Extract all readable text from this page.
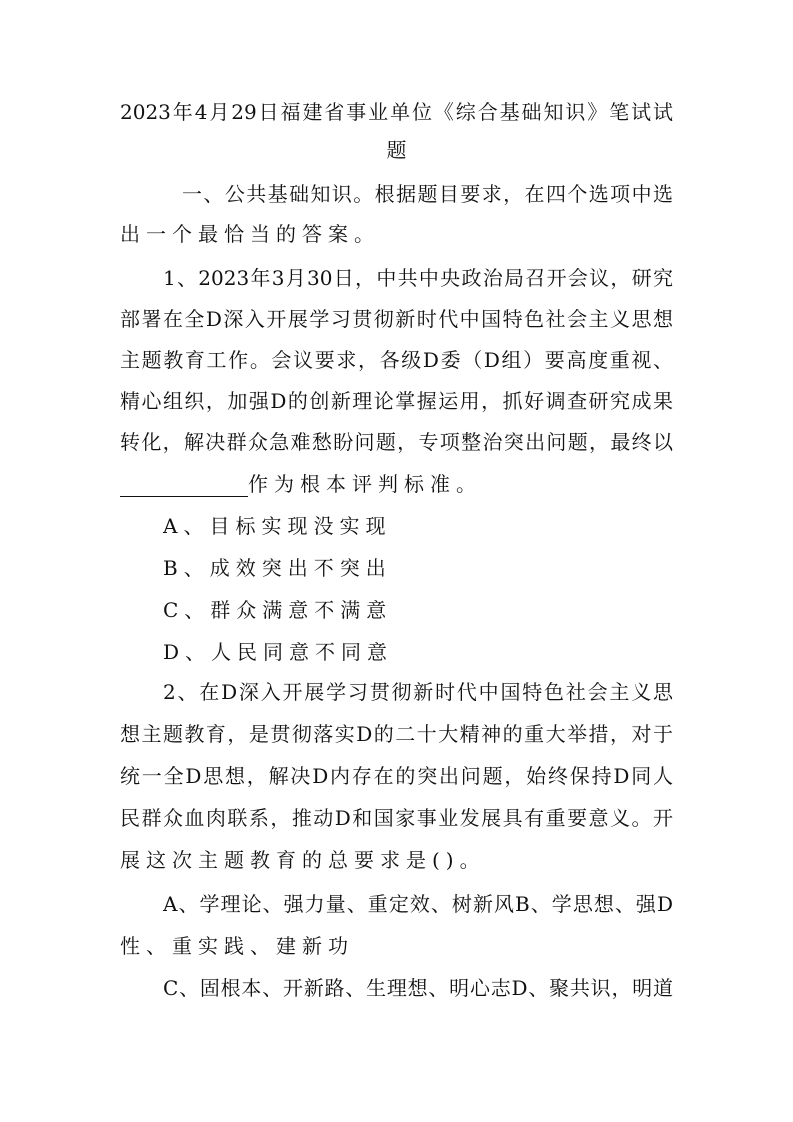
2023年4月29日福建省事业单位《综合基础知识》笔试试
题
一、公共基础知识。根据题目要求，在四个选项中选
出一个最恰当的答案。
1、2023年3月30日，中共中央政治局召开会议，研究
部署在全D深入开展学习贯彻新时代中国特色社会主义思想
主题教育工作。会议要求，各级D委（D组）要高度重视、
精心组织，加强D的创新理论掌握运用，抓好调查研究成果
转化，解决群众急难愁盼问题，专项整治突出问题，最终以
作为根本评判标准。
A、目标实现没实现
B、成效突出不突出
C、群众满意不满意
D、人民同意不同意
2、在D深入开展学习贯彻新时代中国特色社会主义思
想主题教育，是贯彻落实D的二十大精神的重大举措，对于
统一全D思想，解决D内存在的突出问题，始终保持D同人
民群众血肉联系，推动D和国家事业发展具有重要意义。开
展这次主题教育的总要求是()。
A、学理论、强力量、重定效、树新风B、学思想、强D
性、重实践、建新功
C、固根本、开新路、生理想、明心志D、聚共识，明道
